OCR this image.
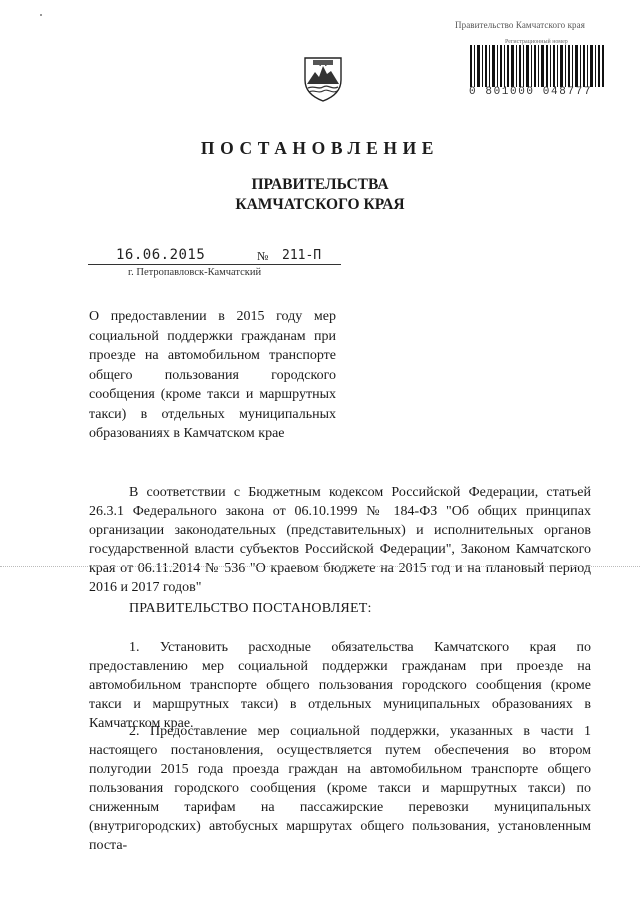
Правительство Камчатского края
Регистрационный номер
0 801000 048777
ПОСТАНОВЛЕНИЕ
ПРАВИТЕЛЬСТВА
КАМЧАТСКОГО КРАЯ
16.06.2015	№ 211-П
г. Петропавловск-Камчатский
О предоставлении в 2015 году мер социальной поддержки гражданам при проезде на автомобильном транспорте общего пользования городского сообщения (кроме такси и маршрутных такси) в отдельных муниципальных образованиях в Камчатском крае
В соответствии с Бюджетным кодексом Российской Федерации, статьей 26.3.1 Федерального закона от 06.10.1999 № 184-ФЗ "Об общих принципах организации законодательных (представительных) и исполнительных органов государственной власти субъектов Российской Федерации", Законом Камчатского края от 06.11.2014 № 536 "О краевом бюджете на 2015 год и на плановый период 2016 и 2017 годов"
ПРАВИТЕЛЬСТВО ПОСТАНОВЛЯЕТ:
1. Установить расходные обязательства Камчатского края по предоставлению мер социальной поддержки гражданам при проезде на автомобильном транспорте общего пользования городского сообщения (кроме такси и маршрутных такси) в отдельных муниципальных образованиях в Камчатском крае.
2. Предоставление мер социальной поддержки, указанных в части 1 настоящего постановления, осуществляется путем обеспечения во втором полугодии 2015 года проезда граждан на автомобильном транспорте общего пользования городского сообщения (кроме такси и маршрутных такси) по сниженным тарифам на пассажирские перевозки муниципальных (внутригородских) автобусных маршрутах общего пользования, установленным поста-
